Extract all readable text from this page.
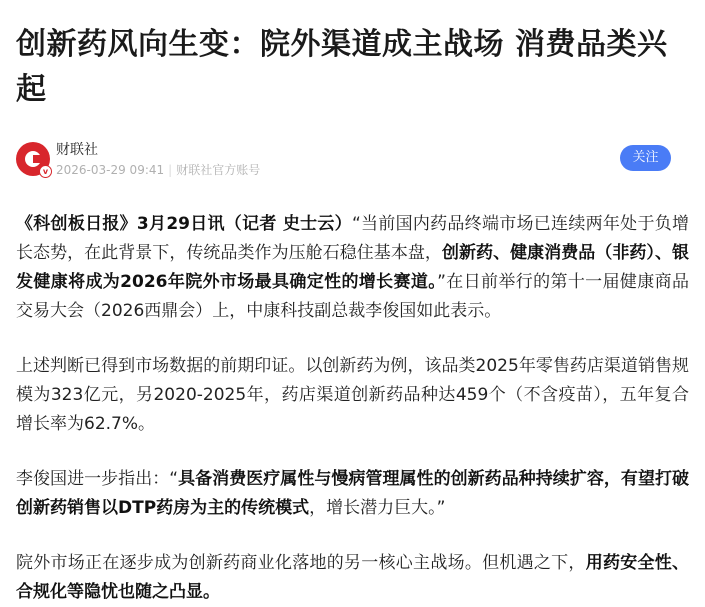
创新药风向生变：院外渠道成主战场 消费品类兴起
v
财联社
2026-03-29 09:41 | 财联社官方账号
关注

《科创板日报》3月29日讯（记者 史士云）“当前国内药品终端市场已连续两年处于负增长态势，在此背景下，传统品类作为压舱石稳住基本盘，创新药、健康消费品（非药）、银发健康将成为2026年院外市场最具确定性的增长赛道。”在日前举行的第十一届健康商品交易大会（2026西鼎会）上，中康科技副总裁李俊国如此表示。

上述判断已得到市场数据的前期印证。以创新药为例，该品类2025年零售药店渠道销售规模为323亿元，另2020-2025年，药店渠道创新药品种达459个（不含疫苗），五年复合增长率为62.7%。

李俊国进一步指出：“具备消费医疗属性与慢病管理属性的创新药品种持续扩容，有望打破创新药销售以DTP药房为主的传统模式，增长潜力巨大。”

院外市场正在逐步成为创新药商业化落地的另一核心主战场。但机遇之下，用药安全性、合规化等隐忧也随之凸显。
